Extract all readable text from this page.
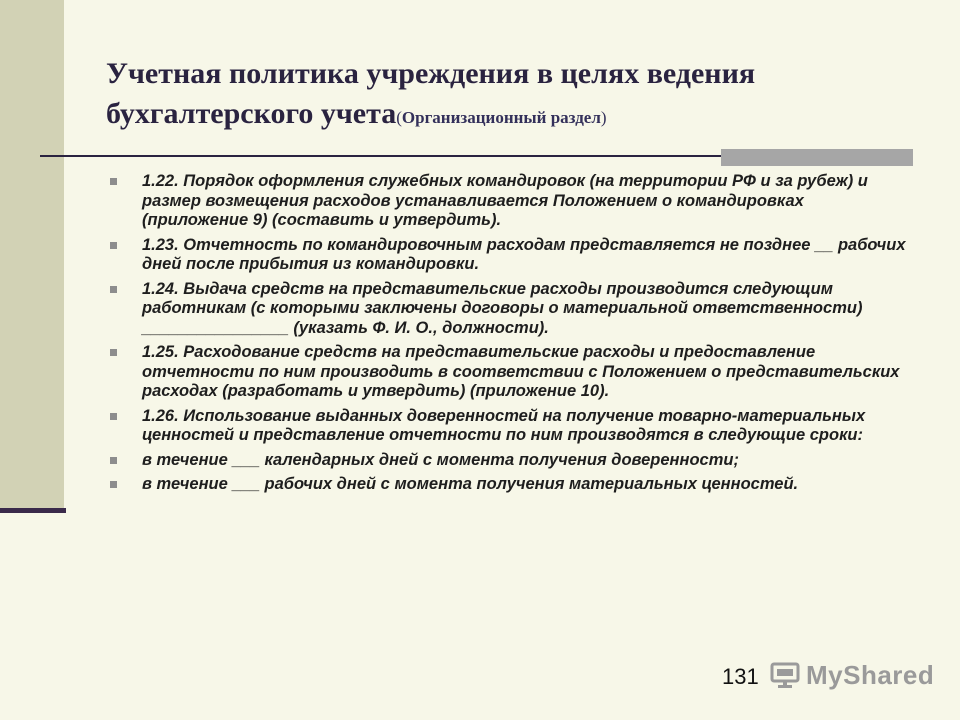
Учетная политика учреждения в целях ведения
бухгалтерского учета(Организационный раздел)
1.22. Порядок оформления служебных командировок (на территории РФ и за рубеж) и размер возмещения расходов устанавливается Положением о командировках (приложение 9) (составить и утвердить).
1.23. Отчетность по командировочным расходам представляется не позднее __ рабочих дней после прибытия из командировки.
1.24. Выдача средств на представительские расходы производится следующим работникам (с которыми заключены договоры о материальной ответственности) ________________ (указать Ф. И. О., должности).
1.25. Расходование средств на представительские расходы и предоставление отчетности по ним производить в соответствии с Положением о представительских расходах (разработать и утвердить) (приложение 10).
1.26. Использование выданных доверенностей на получение товарно-материальных ценностей и представление отчетности по ним производятся в следующие сроки:
в течение ___ календарных дней с момента получения доверенности;
в течение ___ рабочих дней с момента получения материальных ценностей.
131 MyShared
